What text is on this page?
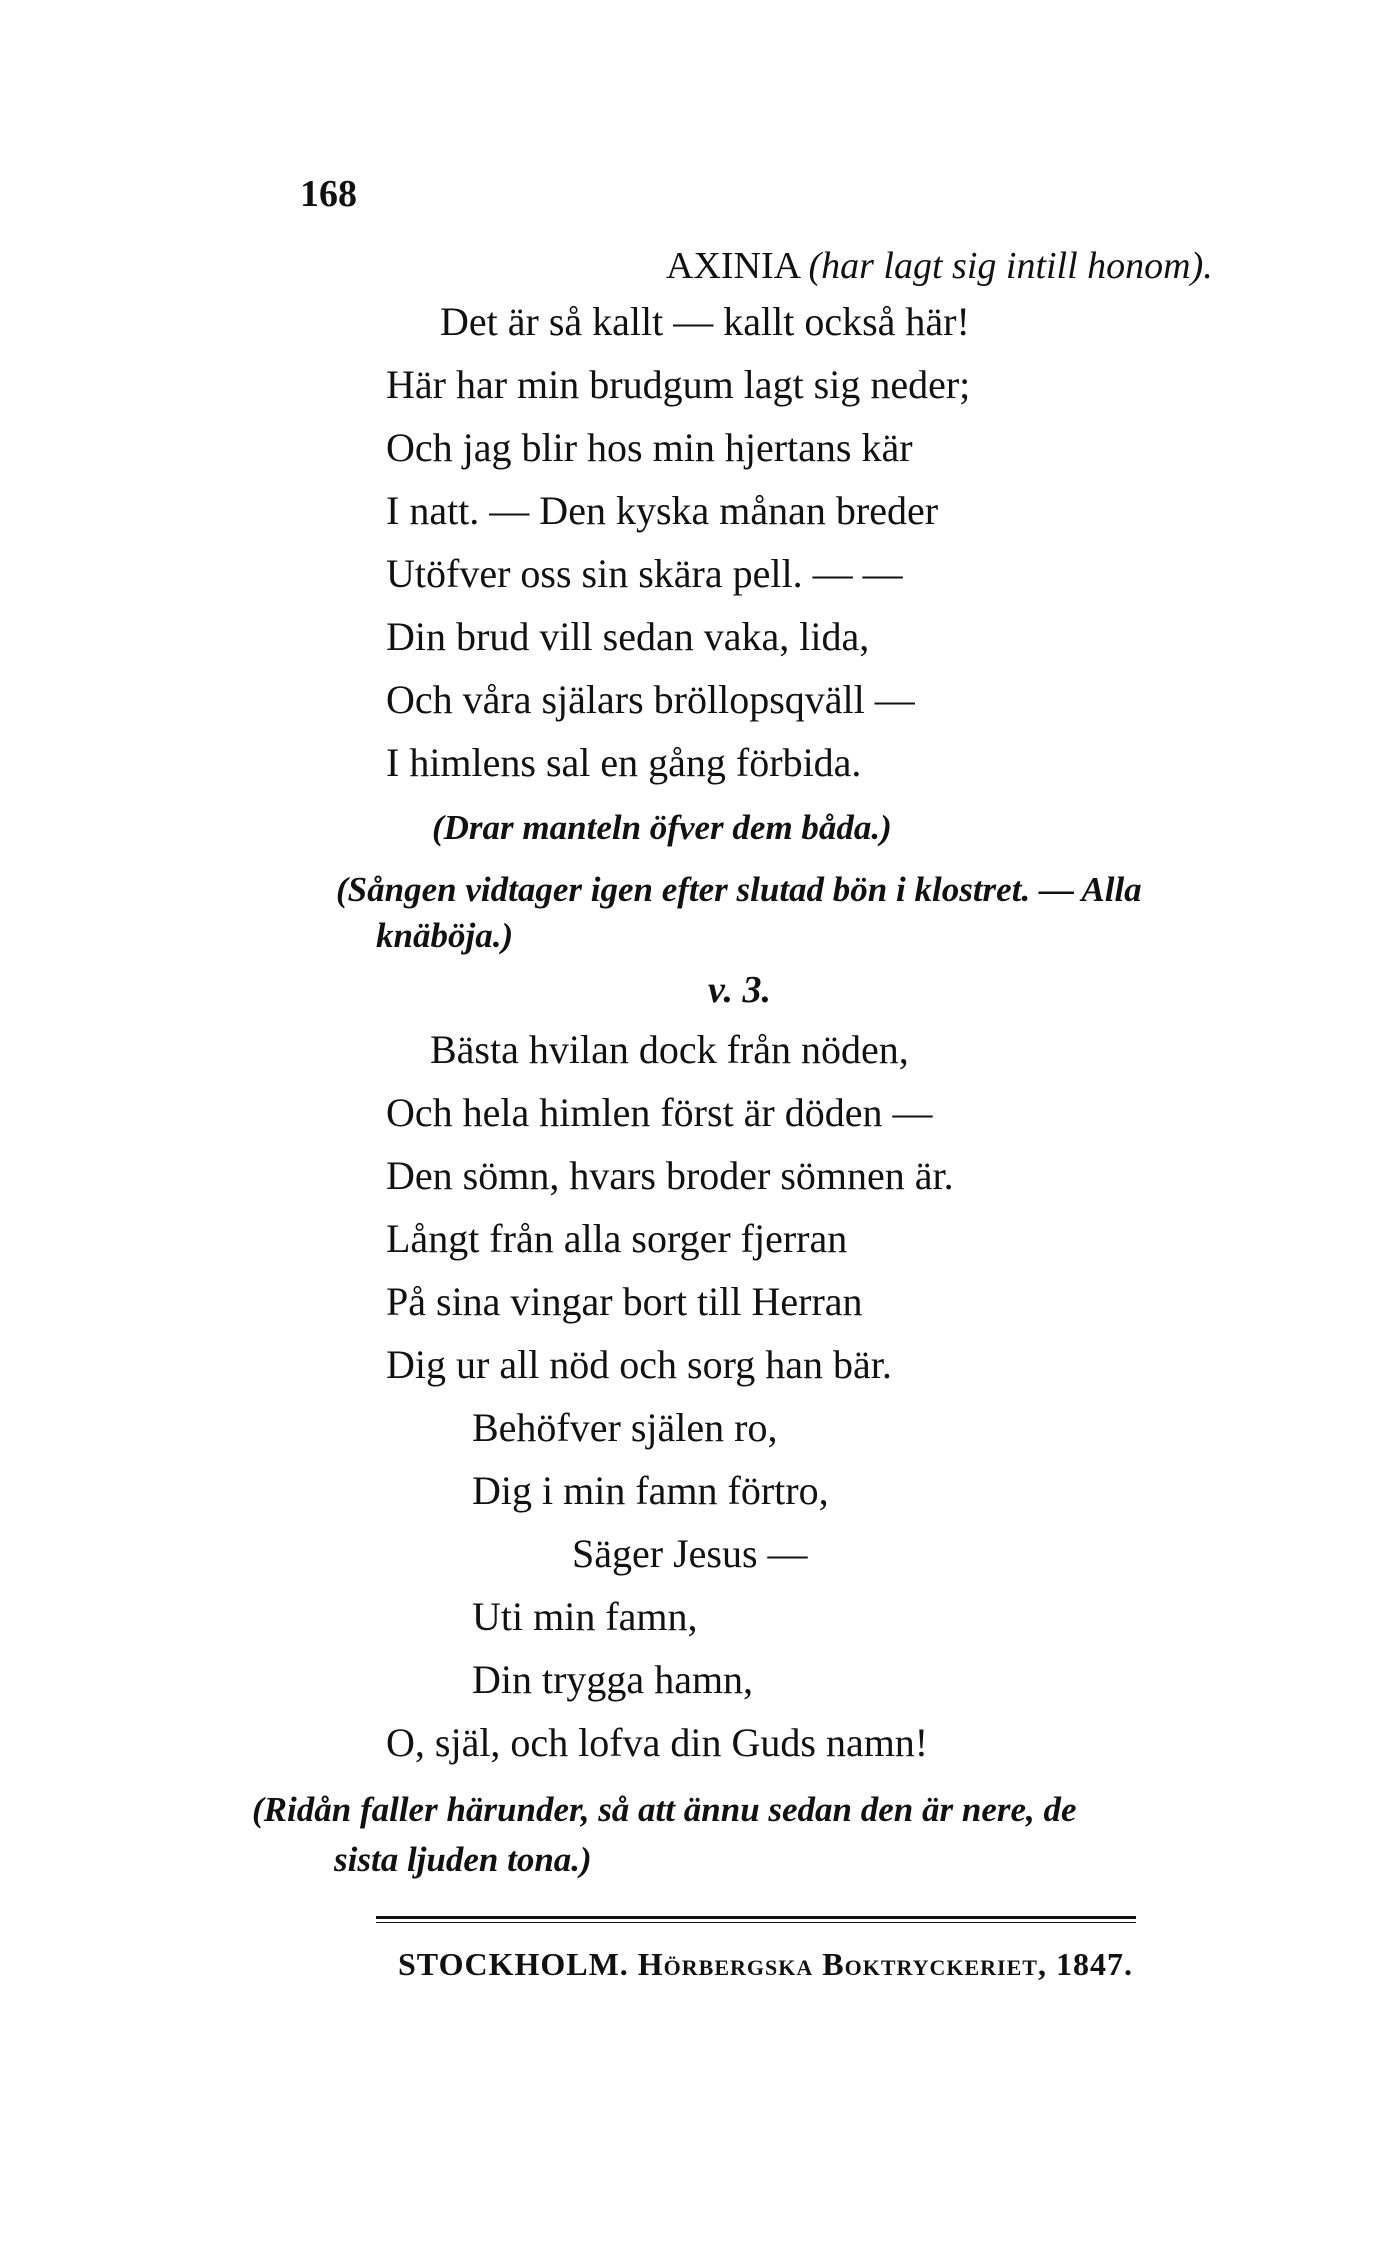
168
AXINIA (har lagt sig intill honom).
Det är så kallt — kallt också här!
Här har min brudgum lagt sig neder;
Och jag blir hos min hjertans kär
I natt. — Den kyska månan breder
Utöfver oss sin skära pell. — —
Din brud vill sedan vaka, lida,
Och våra själars bröllopsqväll —
I himlens sal en gång förbida.
(Drar manteln öfver dem båda.)
(Sången vidtager igen efter slutad bön i klostret. — Alla
knäböja.)
v. 3.
Bästa hvilan dock från nöden,
Och hela himlen först är döden —
Den sömn, hvars broder sömnen är.
Långt från alla sorger fjerran
På sina vingar bort till Herran
Dig ur all nöd och sorg han bär.
Behöfver själen ro,
Dig i min famn förtro,
Säger Jesus —
Uti min famn,
Din trygga hamn,
O, själ, och lofva din Guds namn!
(Ridån faller härunder, så att ännu sedan den är nere, de
sista ljuden tona.)
STOCKHOLM. Hörbergska Boktryckeriet, 1847.
